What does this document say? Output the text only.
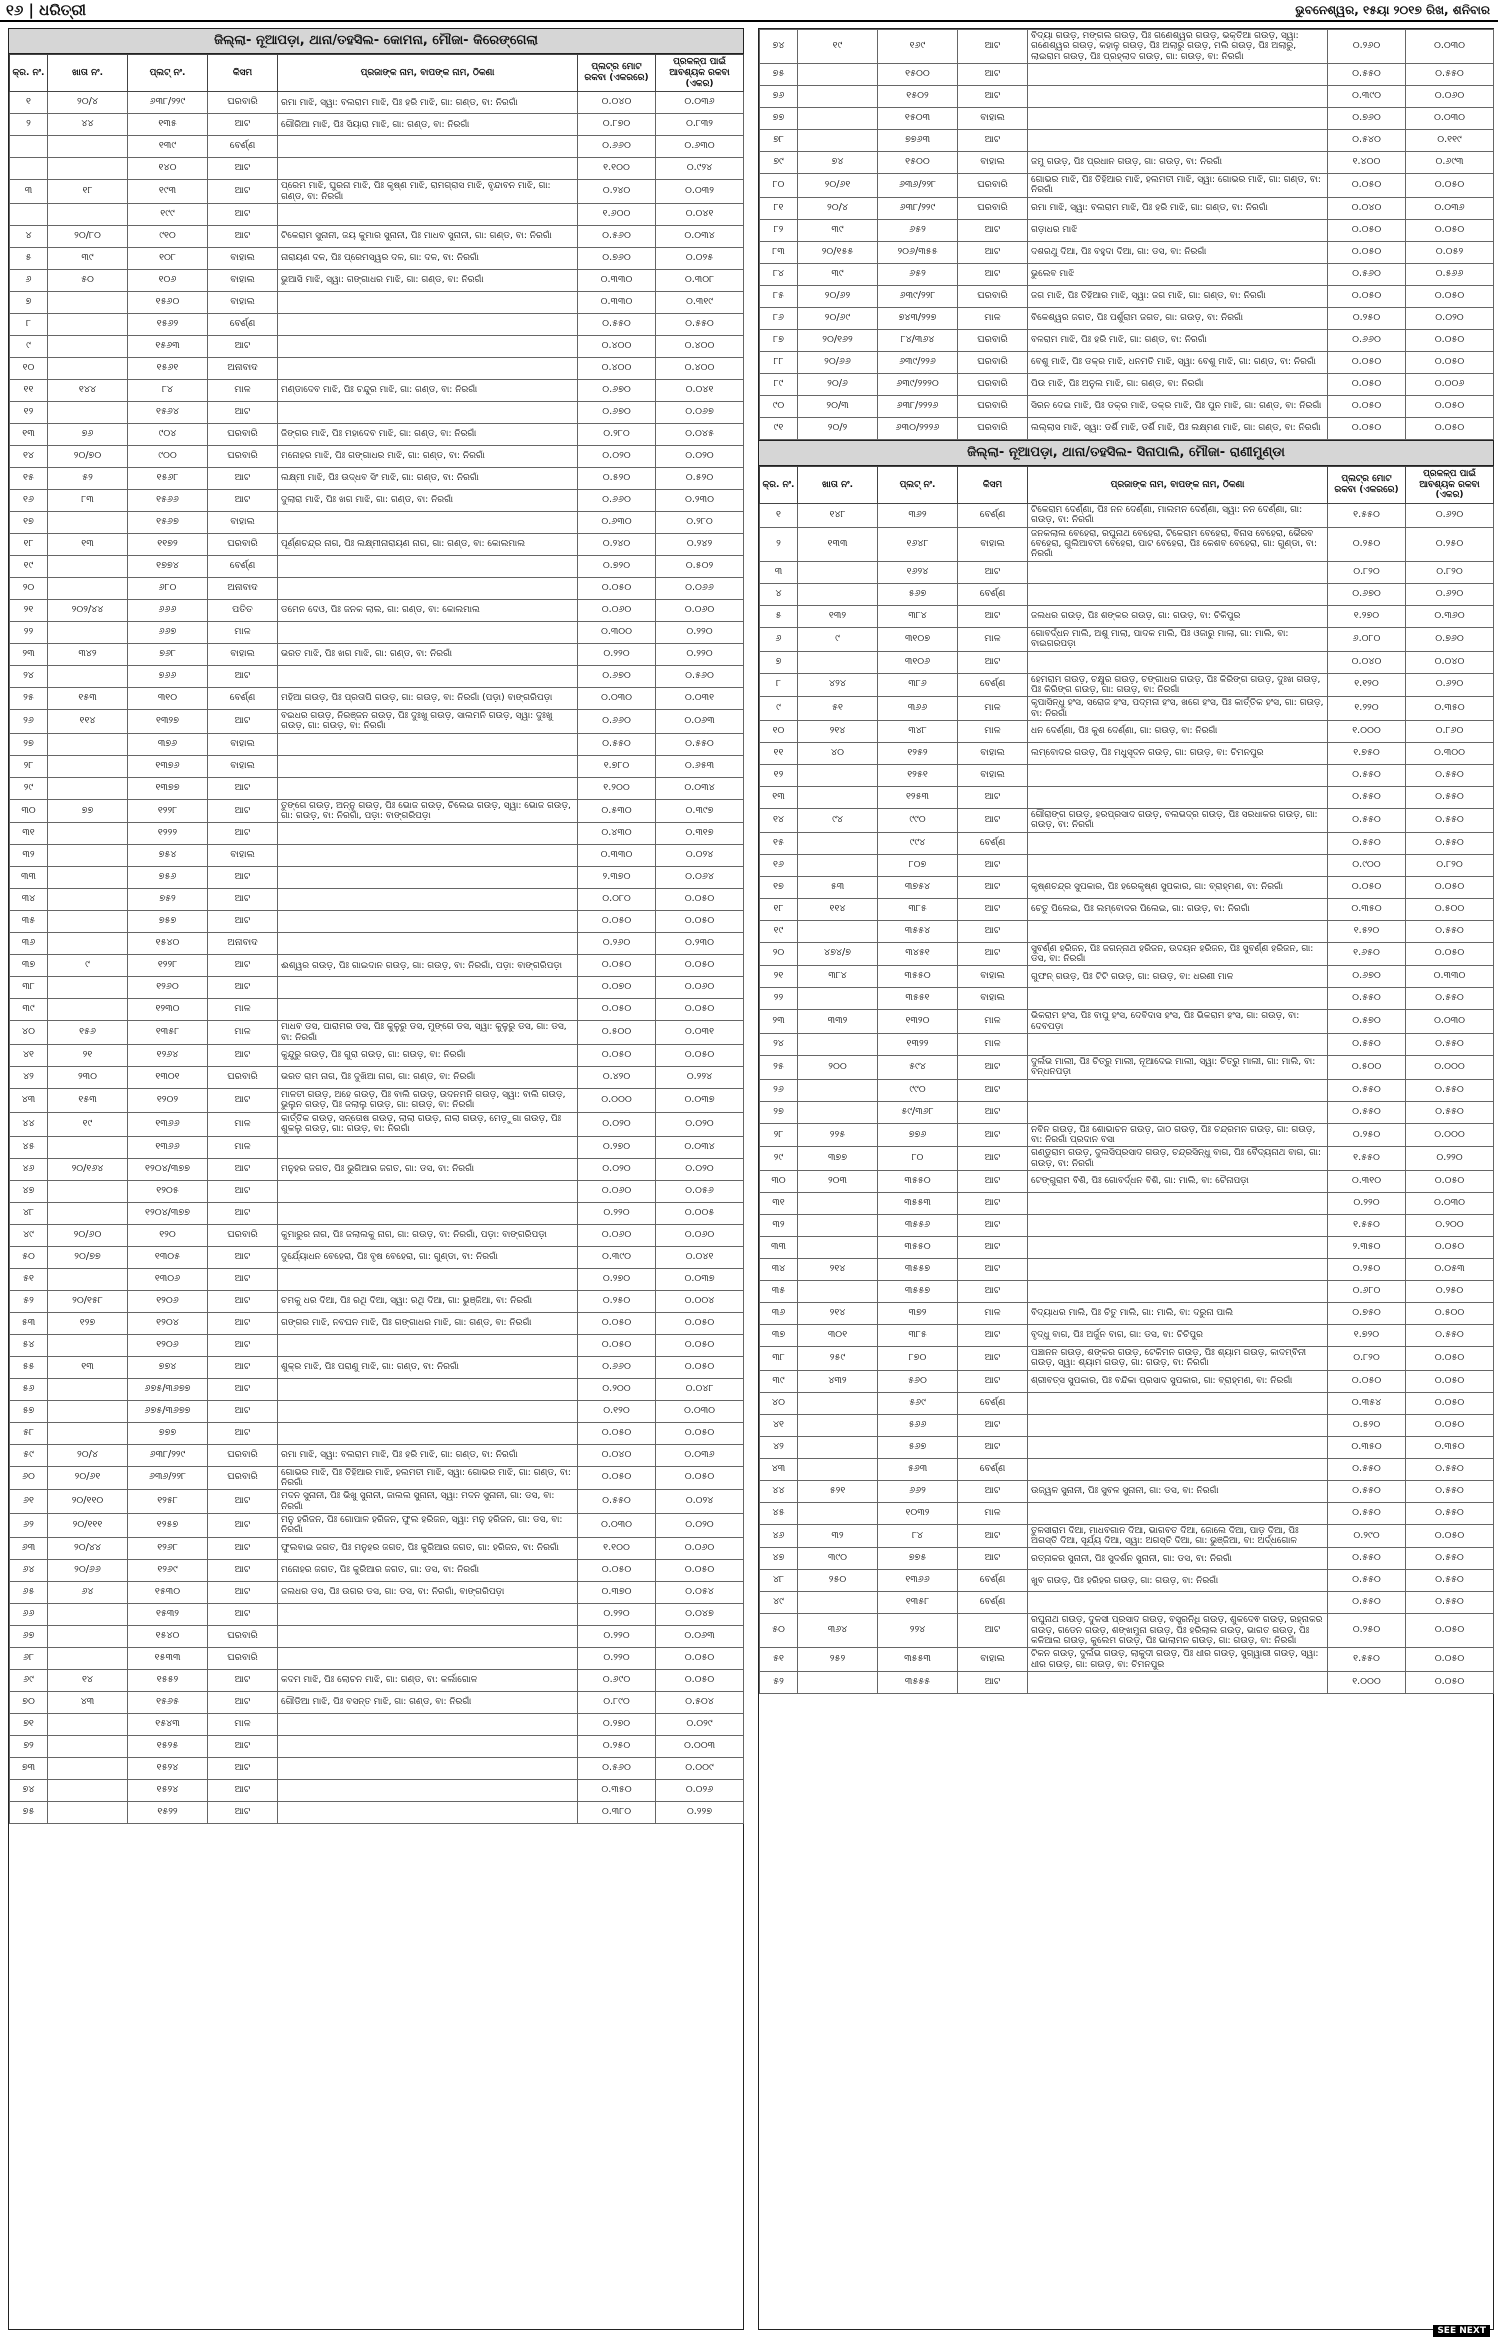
୧୬ | ଧରିତ୍ରୀ	ଭୁବନେଶ୍ୱର, ୧୫ୟା ୨୦୧୭ ରିଖ, ଶନିବାର
ଜିଲ୍ଲା- ନୂଆପଡ଼ା, ଥାନା/ତହସିଲ- କୋମନା, ମୌଜା- କିରେଙ୍ଗେଲା
କ୍ର. ନଂ.	ଖାତା ନଂ.	ପ୍ଲଟ୍ ନଂ.	କିସମ	ପ୍ରଜାଙ୍କ ନାମ, ବାପଙ୍କ ନାମ, ଠିକଣା	ପ୍ଲଟ୍ର ମୋଟ ରକବା (ଏକରରେ)	ପ୍ରକଳ୍ପ ପାଇଁ ଆବଶ୍ୟକ ରକବା (ଏକର)
୧	୨୦/୪	୬୩୮/୨୨୯	ଘରବାରି	ରମା ମାଝି, ସ୍ୱା: ବଲରାମ ମାଝି, ପିଃ ହରି ମାଝି, ଗା: ଗଣ୍ଡ, ବା: ନିରଗାଁ	୦.୦୪୦	୦.୦୩୬
୨	୪୪	୧୩୫	ଆଟ	ଗୌରିଆ ମାଝି, ପିଃ ସିୟାରା ମାଝି, ଗା: ଗଣ୍ଡ, ବା: ନିରଗାଁ	୦.୮୭୦	୦.୮୩୨
		୧୩୯	ବେର୍ଣ୍ଣ		୦.୬୬୦	୦.୬୩୦
		୧୪୦	ଆଟ		୧.୧୦୦	୦.୯୨୪
୩	୧୮	୧୯୩	ଆଟ	ପ୍ରେମ ମାଝି, ଘୁରନା ମାଝି, ପିଃ କୃଷ୍ଣ ମାଝି, ରାମଗ୍ରାସ ମାଝି, ବୃନ୍ଦାବନ ମାଝି, ଗା: ଗଣ୍ଡ, ବା: ନିରଗାଁ	୦.୨୪୦	୦.୦୩୨
		୧୯୯	ଆଟ		୧.୬୦୦	୦.୦୪୧
୪	୨୦/୮୦	୯୧୦	ଆଟ	ଟିକେରାମ ସୁନାନୀ, ଜୟ କୁମାର ସୁନାନୀ, ପିଃ ମାଧବ ସୁନାନୀ, ଗା: ଗଣ୍ଡ, ବା: ନିରଗାଁ	୦.୫୬୦	୦.୦୩୪
୫	୩୯	୧୦୮	ବାହାଲ	ନାରାୟଣ ଦଳ, ପିଃ ପ୍ରେମସ୍ୱର ଦଳ, ଗା: ଦଳ, ବା: ନିରଗାଁ	୦.୭୬୦	୦.୦୨୫
୬	୫୦	୧୦୬	ବାହାଲ	ଭୁଆସି ମାଝି, ସ୍ୱା: ଗଙ୍ଗାଧର ମାଝି, ଗା: ଗଣ୍ଡ, ବା: ନିରଗାଁ	୦.୩୩୦	୦.୩୦୮
୭		୧୫୬୦	ବାହାଲ		୦.୩୩୦	୦.୩୧୯
୮		୧୫୬୨	ବେର୍ଣ୍ଣ		୦.୫୫୦	୦.୫୫୦
୯		୧୫୬୩	ଆଟ		୦.୪୦୦	୦.୪୦୦
୧୦		୧୫୬୧	ଅନାବାଦ		୦.୪୦୦	୦.୪୦୦
୧୧	୧୪୪	୮୪	ମାଳ	ମଣ୍ଡାଦେବ ମାଝି, ପିଃ ଚନ୍ଦୁର ମାଝି, ଗା: ଗଣ୍ଡ, ବା: ନିରଗାଁ	୦.୬୭୦	୦.୦୪୧
୧୨		୧୫୬୪	ଆଟ		୦.୬୭୦	୦.୦୬୭
୧୩	୭୬	୯୦୪	ଘରବାରି	ଜିଙ୍ଗର ମାଝି, ପିଃ ମହାଦେବ ମାଝି, ଗା: ଗଣ୍ଡ, ବା: ନିରଗାଁ	୦.୨୮୦	୦.୦୪୫
୧୪	୨୦/୭୦	୯୦୦	ଘରବାରି	ମନୋହର ମାଝି, ପିଃ ଗଙ୍ଗାଧର ମାଝି, ଗା: ଗଣ୍ଡ, ବା: ନିରଗାଁ	୦.୦୨୦	୦.୦୨୦
୧୫	୫୨	୧୫୬୮	ଆଟ	ଲକ୍ଷ୍ମୀ ମାଝି, ପିଃ ଉଦ୍ଧବ ସିଂ ମାଝି, ଗା: ଗଣ୍ଡ, ବା: ନିରଗାଁ	୦.୫୨୦	୦.୫୨୦
୧୬	୮୩	୧୫୬୬	ଆଟ	ଦୁଲାରା ମାଝି, ପିଃ ଖଗ ମାଝି, ଗା: ଗଣ୍ଡ, ବା: ନିରଗାଁ	୦.୬୬୦	୦.୨୩୦
୧୭		୧୫୬୭	ବାହାଲ		୦.୬୩୦	୦.୨୮୦
୧୮	୧୩	୧୧୭୨	ଘରବାରି	ପୂର୍ଣ୍ଣଚନ୍ଦ୍ର ନାଗ, ପିଃ ଲକ୍ଷ୍ମୀନାରାୟଣ ନାଗ, ଗା: ଗଣ୍ଡ, ବା: କୋଲମାଲ	୦.୨୪୦	୦.୨୪୨
୧୯		୧୭୭୪	ବେର୍ଣ୍ଣ		୦.୭୨୦	୦.୫୦୨
୨୦		୬୮୦	ଅନାବାଦ		୦.୦୫୦	୦.୦୬୬
୨୧	୨୦୨/୪୪	୬୬୬	ପତିତ	ଡମେନ ଦେଓ, ପିଃ ଜନକ ଲାଲ, ଗା: ଗଣ୍ଡ, ବା: କୋଲମାଲ	୦.୦୬୦	୦.୦୬୦
୨୨		୬୬୭	ମାଳ		୦.୩୦୦	୦.୨୨୦
୨୩	୩୪୨	୭୬୮	ବାହାଲ	ଭରତ ମାଝି, ପିଃ ଖଗ ମାଝି, ଗା: ଗଣ୍ଡ, ବା: ନିରଗାଁ	୦.୨୨୦	୦.୨୨୦
୨୪		୭୬୬	ଆଟ		୦.୬୭୦	୦.୫୬୦
୨୫	୧୫୩	୩୧୦	ବେର୍ଣ୍ଣ	ମହିଆ ଗଉଡ଼, ପିଃ ପ୍ରତାପି ଗଉଡ଼, ଗା: ଗଉଡ଼, ବା: ନିରଗାଁ (ପଡ଼ା) ବାଙ୍ଗରିପଡ଼ା	୦.୦୩୦	୦.୦୩୧
୨୬	୧୧୪	୧୩୨୭	ଆଟ	ବଇଧର ଗଉଡ଼, ନିରଞ୍ଜନ ଗଉଡ଼, ପିଃ ଦୁଃଖୁ ଗଉଡ଼, ସାଲମନି ଗଉଡ଼, ସ୍ୱା: ଦୁଃଖୁ ଗଉଡ଼, ଗା: ଗଉଡ଼, ବା: ନିରଗାଁ	୦.୬୬୦	୦.୦୬୩
୨୭		୩୭୬	ବାହାଲ		୦.୫୫୦	୦.୫୫୦
୨୮		୧୩୭୬	ବାହାଲ		୧.୭୮୦	୦.୬୫୩
୨୯		୧୩୭୭	ଆଟ		୧.୨୦୦	୦.୦୩୪
୩୦	୭୭	୧୨୨୮	ଆଟ	ତୁଙ୍ଗେ ଗଉଡ଼, ଅନ୍ନୁ ଗଉଡ଼, ପିଃ ଭୋଜ ଗଉଡ଼, ଚିଲେଇ ଗଉଡ଼, ସ୍ୱା: ଭୋଜ ଗଉଡ଼, ଗା: ଗଉଡ଼, ବା: ନିରଗାଁ, ପଡ଼ା: ବାଙ୍ଗରିପଡ଼ା	୦.୫୩୦	୦.୩୯୭
୩୧		୧୨୨୨	ଆଟ		୦.୪୩୦	୦.୩୧୭
୩୨		୭୫୪	ବାହାଲ		୦.୩୩୦	୦.୦୨୪
୩୩		୭୫୬	ଆଟ		୨.୩୭୦	୦.୦୬୪
୩୪		୭୫୨	ଆଟ		୦.୦୮୦	୦.୦୫୦
୩୫		୭୫୭	ଆଟ		୦.୦୫୦	୦.୦୫୦
୩୬		୧୫୪୦	ଅନାବାଦ		୦.୨୬୦	୦.୨୩୦
୩୭	୯	୧୨୨୮	ଆଟ	ଈଶ୍ୱର ଗଉଡ଼, ପିଃ ଗାଇଦାନ ଗଉଡ଼, ଗା: ଗଉଡ଼, ବା: ନିରଗାଁ, ପଡ଼ା: ବାଙ୍ଗରିପଡ଼ା	୦.୦୫୦	୦.୦୫୦
୩୮		୧୨୬୦	ଆଟ		୦.୦୭୦	୦.୦୬୦
୩୯		୧୨୩୦	ମାଳ		୦.୦୫୦	୦.୦୫୦
୪୦	୧୫୬	୧୩୫୮	ମାଳ	ମାଧବ ଡସ, ପାରାମର ଡସ, ପିଃ କୁଳୁରୁ ଡସ, ମୁଙ୍ଗେ ଡସ, ସ୍ୱା: କୁଳୁରୁ ଡସ, ଗା: ଡସ, ବା: ନିରଗାଁ	୦.୫୦୦	୦.୦୩୧
୪୧	୨୧	୧୨୬୪	ଆଟ	କୁନ୍ଦୁରୁ ଗଉଡ଼, ପିଃ ଗୁରା ଗଉଡ଼, ଗା: ଗଉଡ଼, ବା: ନିରଗାଁ	୦.୦୫୦	୦.୦୫୦
୪୨	୨୩୦	୧୩୦୧	ଘରବାରି	ଭରତ ରାମ ନାଗ, ପିଃ ଦୁଖିଆ ନାଗ, ଗା: ଗଣ୍ଡ, ବା: ନିରଗାଁ	୦.୪୨୦	୦.୨୨୪
୪୩	୧୫୩	୧୨୦୨	ଆଟ	ମାଳତୀ ଗଉଡ଼, ଅହେ ଗଉଡ଼, ପିଃ ବାଲି ଗଉଡ଼, ଉଦନମନି ଗଉଡ଼, ସ୍ୱା: ବାଲି ଗଉଡ଼, ଭୁଲୁନ ଗଉଡ଼, ପିଃ ଜଲାଲୁ ଗଉଡ଼, ଗା: ଗଉଡ଼, ବା: ନିରଗାଁ	୦.୦୦୦	୦.୦୩୭
୪୪	୧୯	୧୩୬୬	ମାଳ	କାର୍ତ୍ତିକ ଗଉଡ଼, ସନ୍ତୋଷ ଗଉଡ଼, ଲାଲା ଗଉଡ଼, ନାଲା ଗଉଡ଼, ମେଡ଼ୁଗା ଗଉଡ଼, ପିଃ ଶୁକଲୁ ଗଉଡ଼, ଗା: ଗଉଡ଼, ବା: ନିରଗାଁ	୦.୦୨୦	୦.୦୨୦
୪୫		୧୩୬୬	ମାଳ		୦.୨୭୦	୦.୦୩୪
୪୬	୨୦/୧୬୪	୧୨୦୪/୩୭୭	ଆଟ	ମନୁହର ଜଗତ, ପିଃ ଭୁଗିଆର ଜଗତ, ଗା: ଡସ, ବା: ନିରଗାଁ	୦.୦୨୦	୦.୦୨୦
୪୭		୧୨୦୫	ଆଟ		୦.୦୬୦	୦.୦୫୬
୪୮		୧୨୦୪/୩୭୭	ଆଟ		୦.୨୨୦	୦.୦୦୫
୪୯	୨୦/୬୦	୧୨୦	ଘରବାରି	କୁମାରୁର ନାଗ, ପିଃ ଜଲାଲକୁ ନାଗ, ଗା: ଗଉଡ଼, ବା: ନିରଗାଁ, ପଡ଼ା: ବାଙ୍ଗରିପଡ଼ା	୦.୦୬୦	୦.୦୬୦
୫୦	୨୦/୭୭	୧୩୦୫	ଆଟ	ଦୁର୍ଯ୍ୟୋଧନ ବେହେରା, ପିଃ ବୃଷ ବେହେରା, ଗା: ଗୁଣ୍ଡା, ବା: ନିରଗାଁ	୦.୩୯୦	୦.୦୪୧
୫୧		୧୩୦୬	ଆଟ		୦.୨୭୦	୦.୦୩୭
୫୨	୨୦/୧୫୮	୧୨୦୬	ଆଟ	ଚମକୁ ଧର ଦିଆ, ପିଃ ରଥି ଦିଆ, ସ୍ୱା: ରଥି ଦିଆ, ଗା: ଭୁଞ୍ଜିଆ, ବା: ନିରଗାଁ	୦.୨୫୦	୦.୦୦୪
୫୩	୧୨୭	୧୨୦୪	ଆଟ	ଗଙ୍ଗର ମାଝି, ନବଘନ ମାଝି, ପିଃ ଗଙ୍ଗାଧର ମାଝି, ଗା: ଗଣ୍ଡ, ବା: ନିରଗାଁ	୦.୦୫୦	୦.୦୫୦
୫୪		୧୨୦୬	ଆଟ		୦.୦୫୦	୦.୦୫୦
୫୫	୧୩	୭୭୪	ଆଟ	ଶୁକ୍ର ମାଝି, ପିଃ ପରାଣୁ ମାଝି, ଗା: ଗଣ୍ଡ, ବା: ନିରଗାଁ	୦.୬୬୦	୦.୦୫୦
୫୬		୬୭୫/୩୬୭୭	ଆଟ		୦.୨୦୦	୦.୦୪୮
୫୭		୬୭୫/୩୬୭୭	ଆଟ		୦.୧୨୦	୦.୦୩୦
୫୮		୭୭୭	ଆଟ		୦.୦୫୦	୦.୦୫୦
୫୯	୨୦/୪	୬୩୮/୨୨୯	ଘରବାରି	ରମା ମାଝି, ସ୍ୱା: ବଲରାମ ମାଝି, ପିଃ ହରି ମାଝି, ଗା: ଗଣ୍ଡ, ବା: ନିରଗାଁ	୦.୦୪୦	୦.୦୩୬
୬୦	୨୦/୬୧	୬୩୬/୨୨୮	ଘରବାରି	ଗୋଭର ମାଝି, ପିଃ ତିହିଆର ମାଝି, ହଲମତୀ ମାଝି, ସ୍ୱା: ଗୋଭର ମାଝି, ଗା: ଗଣ୍ଡ, ବା: ନିରଗାଁ	୦.୦୫୦	୦.୦୫୦
୬୧	୨୦/୧୧୦	୧୨୫୮	ଆଟ	ମଦନ ସୁନାନୀ, ପିଃ ଭିଖୁ ସୁନାନୀ, ଜାଲଲ ସୁନାନୀ, ସ୍ୱା: ମଦନ ସୁନାନୀ, ଗା: ଡସ, ବା: ନିରଗାଁ	୦.୫୫୦	୦.୦୨୪
୬୨	୨୦/୧୧୧	୧୨୫୭	ଆଟ	ମନୁ ହରିଜନ, ପିଃ ଗୋପାଳ ହରିଜନ, ଫୁଲ ହରିଜନ, ସ୍ୱା: ମନୁ ହରିଜନ, ଗା: ଡସ, ବା: ନିରଗାଁ	୦.୦୩୦	୦.୦୨୦
୬୩	୨୦/୪୪	୧୨୬୮	ଆଟ	ଫୁଲବାଇ ଜଗତ, ପିଃ ମନୁହର ଜଗତ, ପିଃ କୁରିଆର ଜଗତ, ଗା: ହରିଜନ, ବା: ନିରଗାଁ	୧.୧୦୦	୦.୦୬୦
୬୪	୨୦/୬୬	୧୨୬୯	ଆଟ	ମନୋହର ଜଗତ, ପିଃ କୁରିଆର ଜଗତ, ଗା: ଡସ, ବା: ନିରଗାଁ	୦.୦୫୦	୦.୦୫୦
୬୫	୬୪	୧୫୩୦	ଆଟ	ଜଲଧର ଡସ, ପିଃ ଉଗର ଡସ, ଗା: ଡସ, ବା: ନିରଗାଁ, ବାଙ୍ଗରିପଡ଼ା	୦.୩୭୦	୦.୦୫୪
୬୬		୧୫୩୨	ଆଟ		୦.୨୨୦	୦.୦୪୭
୬୭		୧୫୪୦	ଘରବାରି		୦.୨୨୦	୦.୦୬୩
୬୮		୧୫୩୩	ଘରବାରି		୦.୨୨୦	୦.୦୫୦
୬୯	୧୪	୧୫୫୨	ଆଟ	କଦମ ମାଝି, ପିଃ ଲୋଚନ ମାଝି, ଗା: ଗଣ୍ଡ, ବା: କର୍ଲାଗୋଳ	୦.୬୯୦	୦.୦୫୦
୭୦	୪୩	୧୫୬୫	ଆଟ	ଗୌଡିଆ ମାଝି, ପିଃ ବସନ୍ତ ମାଝି, ଗା: ଗଣ୍ଡ, ବା: ନିରଗାଁ	୦.୮୯୦	୦.୫୦୪
୭୧		୧୫୪୩	ମାଳ		୦.୨୭୦	୦.୦୨୯
୭୨		୧୫୨୫	ଆଟ		୦.୨୫୦	୦.୦୦୩
୭୩		୧୫୨୪	ଆଟ		୦.୫୬୦	୦.୦୦୯
୭୪		୧୫୨୪	ଆଟ		୦.୩୫୦	୦.୦୨୬
୭୫		୧୫୨୨	ଆଟ		୦.୩୮୦	୦.୨୨୭
୭୪	୧୯	୧୬୯	ଆଟ	ବିଦ୍ୟା ଗଉଡ଼, ମଙ୍ଗଲ ଗଉଡ଼, ପିଃ ଗଣେଶ୍ୱର ଗଉଡ଼, ଭକ୍ତିଆ ଗଉଡ଼, ସ୍ୱା: ଗଣେଶ୍ୱର ଗଉଡ଼, କହାଳୁ ଗଉଡ଼, ପିଃ ଅଲାରୁ ଗଉଡ଼, ମଲି ଗଉଡ଼, ପିଃ ଅଲାରୁ, ଲାଇରାମ ଗଉଡ଼, ପିଃ ପ୍ରହ୍ଲାଦ ଗଉଡ଼, ଗା: ଗଉଡ଼, ବା: ନିରଗାଁ	୦.୨୬୦	୦.୦୩୦
୭୫		୧୫୦୦	ଆଟ		୦.୫୫୦	୦.୫୫୦
୭୬		୧୫୦୨	ଆଟ		୦.୩୯୦	୦.୦୬୦
୭୭		୧୫୦୩	ବାହାଲ		୦.୭୬୦	୦.୦୩୦
୭୮		୭୭୬୩	ଆଟ		୦.୫୪୦	୦.୧୧୯
୭୯	୭୪	୧୫୦୦	ବାହାଲ	ଜମୁ ଗଉଡ଼, ପିଃ ପ୍ରଧାନ ଗଉଡ଼, ଗା: ଗଉଡ଼, ବା: ନିରଗାଁ	୧.୪୦୦	୦.୬୯୩
୮୦	୨୦/୬୧	୬୩୬/୨୨୮	ଘରବାରି	ଗୋଭର ମାଝି, ପିଃ ତିହିଆର ମାଝି, ହଲମତୀ ମାଝି, ସ୍ୱା: ଗୋଭର ମାଝି, ଗା: ଗଣ୍ଡ, ବା: ନିରଗାଁ	୦.୦୫୦	୦.୦୫୦
୮୧	୨୦/୪	୬୩୮/୨୨୯	ଘରବାରି	ରମା ମାଝି, ସ୍ୱା: ବଲରାମ ମାଝି, ପିଃ ହରି ମାଝି, ଗା: ଗଣ୍ଡ, ବା: ନିରଗାଁ	୦.୦୪୦	୦.୦୩୬
୮୨	୩୯	୬୫୨	ଆଟ	ଗଡ଼ାଧର ମାଝି	୦.୦୫୦	୦.୦୫୦
୮୩	୨୦/୧୫୫	୨୦୬/୩୫୫	ଆଟ	ଦଶରଥୁ ଦିଆ, ପିଃ ବହୁଦା ଦିଆ, ଗା: ଡସ, ବା: ନିରଗାଁ	୦.୦୫୦	୦.୦୫୨
୮୪	୩୯	୬୫୨	ଆଟ	ଭୁଲେବ ମାଝି	୦.୫୬୦	୦.୫୬୬
୮୫	୨୦/୬୨	୬୩୯/୨୨୮	ଘରବାରି	ଜଗ ମାଝି, ପିଃ ତିହିଆର ମାଝି, ସ୍ୱା: ଜଗ ମାଝି, ଗା: ଗଣ୍ଡ, ବା: ନିରଗାଁ	୦.୦୫୦	୦.୦୫୦
୮୬	୨୦/୬୯	୭୪୩/୨୨୭	ମାଳ	ବିକେଶ୍ୱର ଜଗତ, ପିଃ ପର୍ଶୁରାମ ଜଗତ, ଗା: ଗଉଡ଼, ବା: ନିରଗାଁ	୦.୨୫୦	୦.୦୨୦
୮୭	୨୦/୧୬୨	୮୪/୩୬୪	ଘରବାରି	ବଳରାମ ମାଝି, ପିଃ ହରି ମାଝି, ଗା: ଗଣ୍ଡ, ବା: ନିରଗାଁ	୦.୬୬୦	୦.୦୫୦
୮୮	୨୦/୬୬	୬୩୯/୨୨୬	ଘରବାରି	ବେଶୁ ମାଝି, ପିଃ ଡକ୍ର ମାଝି, ଧନମତି ମାଝି, ସ୍ୱା: ବେଶୁ ମାଝି, ଗା: ଗଣ୍ଡ, ବା: ନିରଗାଁ	୦.୦୫୦	୦.୦୫୦
୮୯	୨୦/୬	୬୩୯/୨୨୨୦	ଘରବାରି	ପିଉ ମାଝି, ପିଃ ଅନୁଲ ମାଝି, ଗା: ଗଣ୍ଡ, ବା: ନିରଗାଁ	୦.୦୫୦	୦.୦୦୬
୯୦	୨୦/୩	୬୩୮/୨୨୨୬	ଘରବାରି	ସିରନ ଦେଇ ମାଝି, ପିଃ ଡକ୍ର ମାଝି, ଡକ୍ର ମାଝି, ପିଃ ପୁନ ମାଝି, ଗା: ଗଣ୍ଡ, ବା: ନିରଗାଁ	୦.୦୫୦	୦.୦୫୦
୯୧	୨୦/୨	୬୩୦/୨୨୨୬	ଘରବାରି	ଲଲ୍ଲାସ ମାଝି, ସ୍ୱା: ଡର୍ଶି ମାଝି, ଡର୍ଶି ମାଝି, ପିଃ ଲକ୍ଷ୍ମଣ ମାଝି, ଗା: ଗଣ୍ଡ, ବା: ନିରଗାଁ	୦.୦୫୦	୦.୦୫୦
ଜିଲ୍ଲା- ନୂଆପଡ଼ା, ଥାନା/ତହସିଲ- ସିନାପାଲି, ମୌଜା- ରାଣୀମୁଣ୍ଡା
କ୍ର. ନଂ.	ଖାତା ନଂ.	ପ୍ଲଟ୍ ନଂ.	କିସମ	ପ୍ରଜାଙ୍କ ନାମ, ବାପଙ୍କ ନାମ, ଠିକଣା	ପ୍ଲଟ୍ର ମୋଟ ରକବା (ଏକରରେ)	ପ୍ରକଳ୍ପ ପାଇଁ ଆବଶ୍ୟକ ରକବା (ଏକର)
୧	୧୪୮	୩୬୨	ବେର୍ଣ୍ଣ	ଟିକେରାମ ଦେର୍ଣ୍ଣା, ପିଃ ନନ ଦେର୍ଣ୍ଣା, ମାଲମନ ଦେର୍ଣ୍ଣା, ସ୍ୱା: ନନ ଦେର୍ଣ୍ଣା, ଗା: ଗଉଡ଼, ବା: ନିରଗାଁ	୧.୫୫୦	୦.୬୨୦
୨	୧୩୩	୧୬୪୮	ବାହାଲ	ଜନକଲାଲ ବେହେରା, ରଘୁନାଥ ବେହେରା, ଟିକେରାମ ବେହେରା, ବିନାସ ବେହେରା, ଭୈରବ ବେହେରା, ଗୁଲିଆବତୀ ବେହେରା, ପାଟ ବେହେରା, ପିଃ କେଶବ ବେହେରା, ଗା: ଗୁଣ୍ଡା, ବା: ନିରଗାଁ	୦.୨୫୦	୦.୨୫୦
୩		୧୬୨୪	ଆଟ		୦.୮୨୦	୦.୮୨୦
୪		୫୬୭	ବେର୍ଣ୍ଣ		୦.୬୭୦	୦.୬୨୦
୫	୧୩୨	୩୮୪	ଆଟ	ଜଲଧର ଗଉଡ଼, ପିଃ ଶଙ୍କର ଗଉଡ଼, ଗା: ଗଉଡ଼, ବା: ଚିକିପୁର	୧.୨୭୦	୦.୩୬୦
୬	୯	୩୧୦୭	ମାଳ	ଗୋବର୍ଦ୍ଧନ ମାଲି, ଅଶୁ ମାଲା, ପାଦକ ମାଲି, ପିଃ ଓଜାରୁ ମାଲା, ଗା: ମାଲି, ବା: ବାଇଗରପଡ଼ା	୬.୦୮୦	୦.୭୬୦
୭		୩୧୦୬	ଆଟ		୦.୦୪୦	୦.୦୪୦
୮	୪୨୪	୩୮୬	ବେର୍ଣ୍ଣ	ହେମରାମ ଗଉଡ଼, ଚକ୍ଷୁର ଗଉଡ଼, ଚଙ୍ଗାଧର ଗଉଡ଼, ପିଃ କିରିଙ୍ଗ ଗଉଡ଼, ଦୁଃଖ ଗଉଡ଼, ପିଃ କିରିଙ୍ଗ ଗଉଡ଼, ଗା: ଗଉଡ଼, ବା: ନିରଗାଁ	୧.୧୨୦	୦.୬୨୦
୯	୫୧	୩୬୬	ମାଳ	କୃପାସିନ୍ଧୁ ହଂସ, ସରୋଜ ହଂସ, ପଦ୍ମନା ହଂସ, ଖଗେ ହଂସ, ପିଃ କାର୍ତ୍ତିକ ହଂସ, ଗା: ଗଉଡ଼, ବା: ନିରଗାଁ	୧.୨୨୦	୦.୩୫୦
୧୦	୨୧୪	୩୪୮	ମାଳ	ଧନ ଦେର୍ଣ୍ଣା, ପିଃ କୁଶ ଦେର୍ଣ୍ଣା, ଗା: ଗଉଡ଼, ବା: ନିରଗାଁ	୧.୦୦୦	୦.୮୬୦
୧୧	୪୦	୧୨୫୨	ବାହାଲ	ଲମ୍ବୋଦର ଗଉଡ଼, ପିଃ ମଧୁସୂଦନ ଗଉଡ଼, ଗା: ଗଉଡ଼, ବା: ଚିମନପୁର	୧.୭୫୦	୦.୩୦୦
୧୨		୧୨୫୧	ବାହାଲ		୦.୫୫୦	୦.୫୫୦
୧୩		୧୨୫୩	ଆଟ		୦.୫୫୦	୦.୫୫୦
୧୪	୯୪	୯୯୦	ଆଟ	ଗୌରାଙ୍ଗ ଗଉଡ଼, ହରପ୍ରସାଦ ଗଉଡ଼, ବଲଭଦ୍ର ଗଉଡ଼, ପିଃ ସରଧାକର ଗଉଡ଼, ଗା: ଗଉଡ଼, ବା: ନିରଗାଁ	୦.୫୫୦	୦.୫୫୦
୧୫		୯୯୪	ବେର୍ଣ୍ଣ		୦.୫୫୦	୦.୫୫୦
୧୬		୮୦୭	ଆଟ		୦.୯୦୦	୦.୮୨୦
୧୭	୫୩	୩୭୫୪	ଆଟ	କୃଷ୍ଣଚନ୍ଦ୍ର ସୁପକାର, ପିଃ ହରେକୃଷ୍ଣ ସୁପକାର, ଗା: ବ୍ରାହ୍ମଣ, ବା: ନିରଗାଁ	୦.୦୫୦	୦.୦୫୦
୧୮	୧୧୪	୩୮୫	ଆଟ	ଚେତୁ ପିଲେଇ, ପିଃ ଲମ୍ବୋଦର ପିଲେଇ, ଗା: ଗଉଡ଼, ବା: ନିରଗାଁ	୦.୩୫୦	୦.୫୦୦
୧୯		୩୫୫୪	ଆଟ		୧.୫୨୦	୦.୫୫୦
୨୦	୪୭୪/୭	୩୪୫୧	ଆଟ	ସୁବର୍ଣ୍ଣ ହରିଜନ, ପିଃ ଜଗନ୍ନାଥ ହରିଜନ, ଉଦୟନ ହରିଜନ, ପିଃ ସୁବର୍ଣ୍ଣ ହରିଜନ, ଗା: ଡସ, ବା: ନିରଗାଁ	୧.୬୫୦	୦.୦୫୦
୨୧	୩୮୪	୩୫୫୦	ବାହାଲ	ଗୁଫନ୍ ଗଉଡ଼, ପିଃ ଟିଟି ଗଉଡ଼, ଗା: ଗଉଡ଼, ବା: ଧରଣୀ ମାଳ	୦.୬୭୦	୦.୩୩୦
୨୨		୩୫୫୧	ବାହାଲ		୦.୫୫୦	୦.୫୫୦
୨୩	୩୩୨	୧୩୨୦	ମାଳ	ଭିକରାମ ହଂସ, ପିଃ ବାପୁ ହଂସ, ଦେବିଦାସ ହଂସ, ପିଃ ଭିକରାମ ହଂସ, ଗା: ଗଉଡ଼, ବା: ଦେବପଡ଼ା	୦.୫୭୦	୦.୦୩୦
୨୪		୧୩୨୨	ମାଳ		୦.୫୫୦	୦.୫୫୦
୨୫	୨୦୦	୫୯୪	ଆଟ	ଦୁର୍ଲଭ ମାଲୀ, ପିଃ ଚିତ୍ରୁ ମାଲୀ, ନୂଆଦେଇ ମାଲୀ, ସ୍ୱା: ଚିତ୍ରୁ ମାଲୀ, ଗା: ମାଲି, ବା: ବନ୍ଧନପଡ଼ା	୦.୫୦୦	୦.୦୦୦
୨୬		୯୯୦	ଆଟ		୦.୫୫୦	୦.୫୫୦
୨୭		୫୯/୩୬୮	ଆଟ		୦.୫୫୦	୦.୫୫୦
୨୮	୨୨୫	୭୭୬	ଆଟ	ନବିନ ଗଉଡ଼, ପିଃ ଶୋଭାଚନ ଗଉଡ଼, ଜାଠ ଗଉଡ଼, ପିଃ ଚନ୍ଦ୍ରମନ ଗଉଡ଼, ଗା: ଗଉଡ଼, ବା: ନିରଗାଁ ପ୍ରଦାନ ବସା	୦.୨୫୦	୦.୦୦୦
୨୯	୩୭୭	୮୦	ଆଟ	ଗଣ୍ଡୁରାମ ଗଉଡ଼, ଦୁଲସିପ୍ରସାଦ ଗଉଡ଼, ଚନ୍ଦ୍ରସିନ୍ଧୁ ବାଗ, ପିଃ ବୈଦ୍ୟନାଥ ବାଗ, ଗା: ଗଉଡ଼, ବା: ନିରଗାଁ	୧.୫୫୦	୦.୨୨୦
୩୦	୨୦୩	୩୫୫୦	ଆଟ	ଟେଙ୍ଗୁରାମ ବିଶି, ପିଃ ଗୋବର୍ଦ୍ଧନ ବିଶି, ଗା: ମାଲି, ବା: ଚୈନାପଡ଼ା	୦.୩୧୦	୦.୦୫୦
୩୧		୩୫୫୩	ଆଟ		୦.୨୨୦	୦.୦୩୦
୩୨		୩୫୫୬	ଆଟ		୧.୫୫୦	୦.୨୦୦
୩୩		୩୫୫୦	ଆଟ		୨.୩୫୦	୦.୦୫୦
୩୪	୨୧୪	୩୫୫୭	ଆଟ		୦.୨୫୦	୦.୦୫୩
୩୫		୩୫୫୭	ଆଟ		୦.୬୮୦	୦.୨୫୦
୩୬	୨୧୪	୩୭୨	ମାଳ	ବିଦ୍ୟାଧର ମାଲି, ପିଃ ଚିତୁ ମାଲି, ଗା: ମାଲି, ବା: ଦରୁନା ପାଲି	୦.୭୫୦	୦.୫୦୦
୩୭	୩୦୧	୩୮୫	ଆଟ	ବୃଦ୍ଧୁ ବାଗ, ପିଃ ଅର୍ଜୁନ ବାଗ, ଗା: ଡସ, ବା: ଚିଚିପୁର	୧.୭୨୦	୦.୫୫୦
୩୮	୨୫୯	୮୭୦	ଆଟ	ପଞ୍ଚାନନ ଗଉଡ଼, ଶଙ୍କର ଗଉଡ଼, ଟେକିମନ ଗଉଡ଼, ପିଃ ଶ୍ୟାମ ଗଉଡ଼, କାଦମ୍ବିନୀ ଗଉଡ଼, ସ୍ୱା: ଶ୍ୟାମ ଗଉଡ଼, ଗା: ଗଉଡ଼, ବା: ନିରଗାଁ	୦.୮୨୦	୦.୦୫୦
୩୯	୪୩୨	୫୬୦	ଆଟ	ଶ୍ରୀବତ୍ସ ସୁପକାର, ପିଃ ବନ୍ଦିକା ପ୍ରସାଦ ସୁପକାର, ଗା: ବ୍ରାହ୍ମଣ, ବା: ନିରଗାଁ	୦.୦୫୦	୦.୦୫୦
୪୦		୫୬୯	ବେର୍ଣ୍ଣ		୦.୩୫୪	୦.୦୫୦
୪୧		୫୬୬	ଆଟ		୦.୫୨୦	୦.୦୫୦
୪୨		୫୬୭	ଆଟ		୦.୩୫୦	୦.୩୫୦
୪୩		୫୬୩	ବେର୍ଣ୍ଣ		୦.୫୫୦	୦.୫୫୦
୪୪	୫୨୧	୬୬୨	ଆଟ	ଉଜ୍ୱଳ ସୁନାନୀ, ପିଃ ସୁବଳ ସୁନାନୀ, ଗା: ଡସ, ବା: ନିରଗାଁ	୦.୫୫୦	୦.୫୫୦
୪୫		୧୦୩୨	ମାଳ		୦.୫୫୦	୦.୫୫୦
୪୬	୩୨	୮୪	ଆଟ	ତୁଳସୀରାମ ଦିଆ, ମାଧବଗାନ ଦିଆ, ଭାଗବତ ଦିଆ, ଜୋଲେ ଦିଆ, ପାଡ଼ ଦିଆ, ପିଃ ଅଗସ୍ତି ଦିଆ, ସୂର୍ଯ୍ୟ ଦିଆ, ସ୍ୱା: ଅଗସ୍ତି ଦିଆ, ଗା: ଭୁଞ୍ଜିଆ, ବା: ଅର୍ଦ୍ଧଗୋଳ	୦.୨୯୦	୦.୦୫୦
୪୭	୩୯୦	୭୭୫	ଆଟ	ରତ୍ନାକର ସୁନାନୀ, ପିଃ ସୁଦର୍ଶନ ସୁନାନୀ, ଗା: ଡସ, ବା: ନିରଗାଁ	୦.୫୫୦	୦.୫୫୦
୪୮	୨୫୦	୧୩୬୬	ବେର୍ଣ୍ଣ	ଖୁବ ଗଉଡ଼, ପିଃ ହରିହର ଗଉଡ଼, ଗା: ଗଉଡ଼, ବା: ନିରଗାଁ	୦.୫୫୦	୦.୫୫୦
୪୯		୧୩୫୮	ବେର୍ଣ୍ଣ		୦.୫୫୦	୦.୫୫୦
୫୦	୩୬୪	୨୨୪	ଆଟ	ରଘୁନାଥ ଗଉଡ଼, ଦୁଳସୀ ପ୍ରସାଦ ଗଉଡ଼, ବସ୍ତ୍ରନିଧି ଗଉଡ଼, ଶୁକଦେଵ ଗଉଡ଼, ରହ୍ନାକର ଗଉଡ଼, ଗଡେନ ଗଉଡ଼, ଶଙ୍ଖମୁନା ଗଉଡ଼, ପିଃ ହରିଲାଲ ଗଉଡ଼, ଭାଗତ ଗଉଡ଼, ପିଃ କଳିଆଲ ଗଉଡ଼, କୁଲେମ ଗଉଡ଼, ପିଃ ଭାଲାମନ ଗଉଡ଼, ଗା: ଗଉଡ଼, ବା: ନିରଗାଁ	୦.୨୫୦	୦.୦୫୦
୫୧	୨୫୨	୩୫୫୩	ବାହାଲ	ଟିକନ ଗଉଡ଼, ଦୁର୍ଲଭ ଗଉଡ଼, ଲାକୁଦୀ ଗଉଡ଼, ପିଃ ଧୀର ଗଉଡ଼, ସୁଗ୍ୱାରୀ ଗଉଡ଼, ସ୍ୱା: ଧୀର ଗଉଡ଼, ଗା: ଗଉଡ଼, ବା: ଚିମନପୁର	୧.୫୫୦	୦.୦୫୦
୫୨		୩୫୫୫	ଆଟ		୧.୦୦୦	୦.୦୫୦
SEE NEXT
